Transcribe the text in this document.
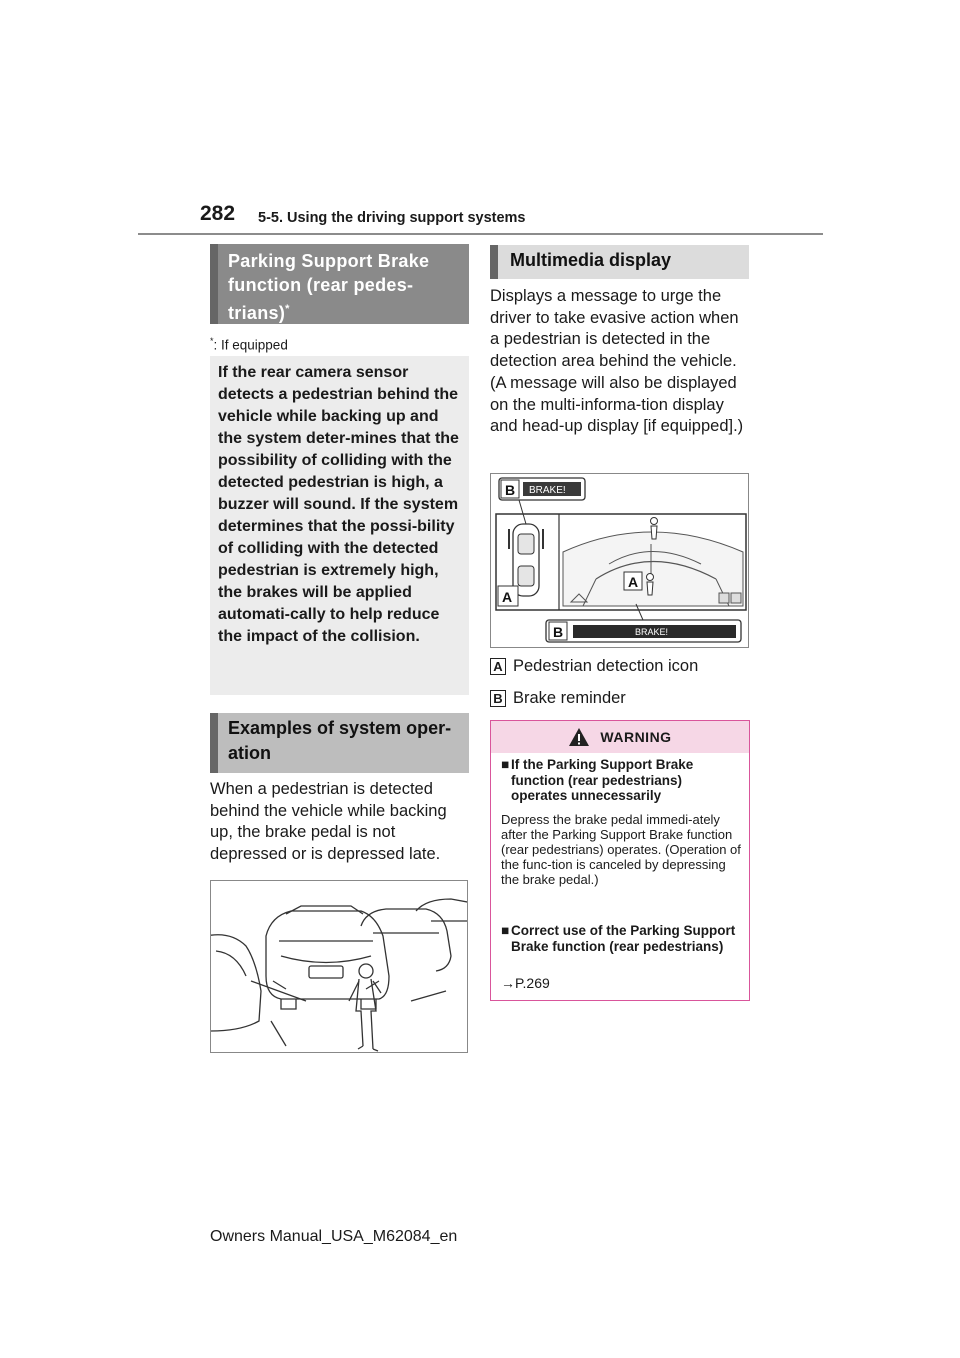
282 5-5. Using the driving support systems
Parking Support Brake function (rear pedes-trians)*
*: If equipped
If the rear camera sensor detects a pedestrian behind the vehicle while backing up and the system deter-mines that the possibility of colliding with the detected pedestrian is high, a buzzer will sound. If the system determines that the possi-bility of colliding with the detected pedestrian is extremely high, the brakes will be applied automati-cally to help reduce the impact of the collision.
Examples of system oper-ation
When a pedestrian is detected behind the vehicle while backing up, the brake pedal is not depressed or is depressed late.
Multimedia display
Displays a message to urge the driver to take evasive action when a pedestrian is detected in the detection area behind the vehicle. (A message will also be displayed on the multi-informa-tion display and head-up display [if equipped].)
B BRAKE!
A
A
B	BRAKE!
A Pedestrian detection icon
B Brake reminder
WARNING
■ If the Parking Support Brake function (rear pedestrians) operates unnecessarily
Depress the brake pedal immedi-ately after the Parking Support Brake function (rear pedestrians) operates. (Operation of the func-tion is canceled by depressing the brake pedal.)
■ Correct use of the Parking Support Brake function (rear pedestrians)
→P.269
Owners Manual_USA_M62084_en
